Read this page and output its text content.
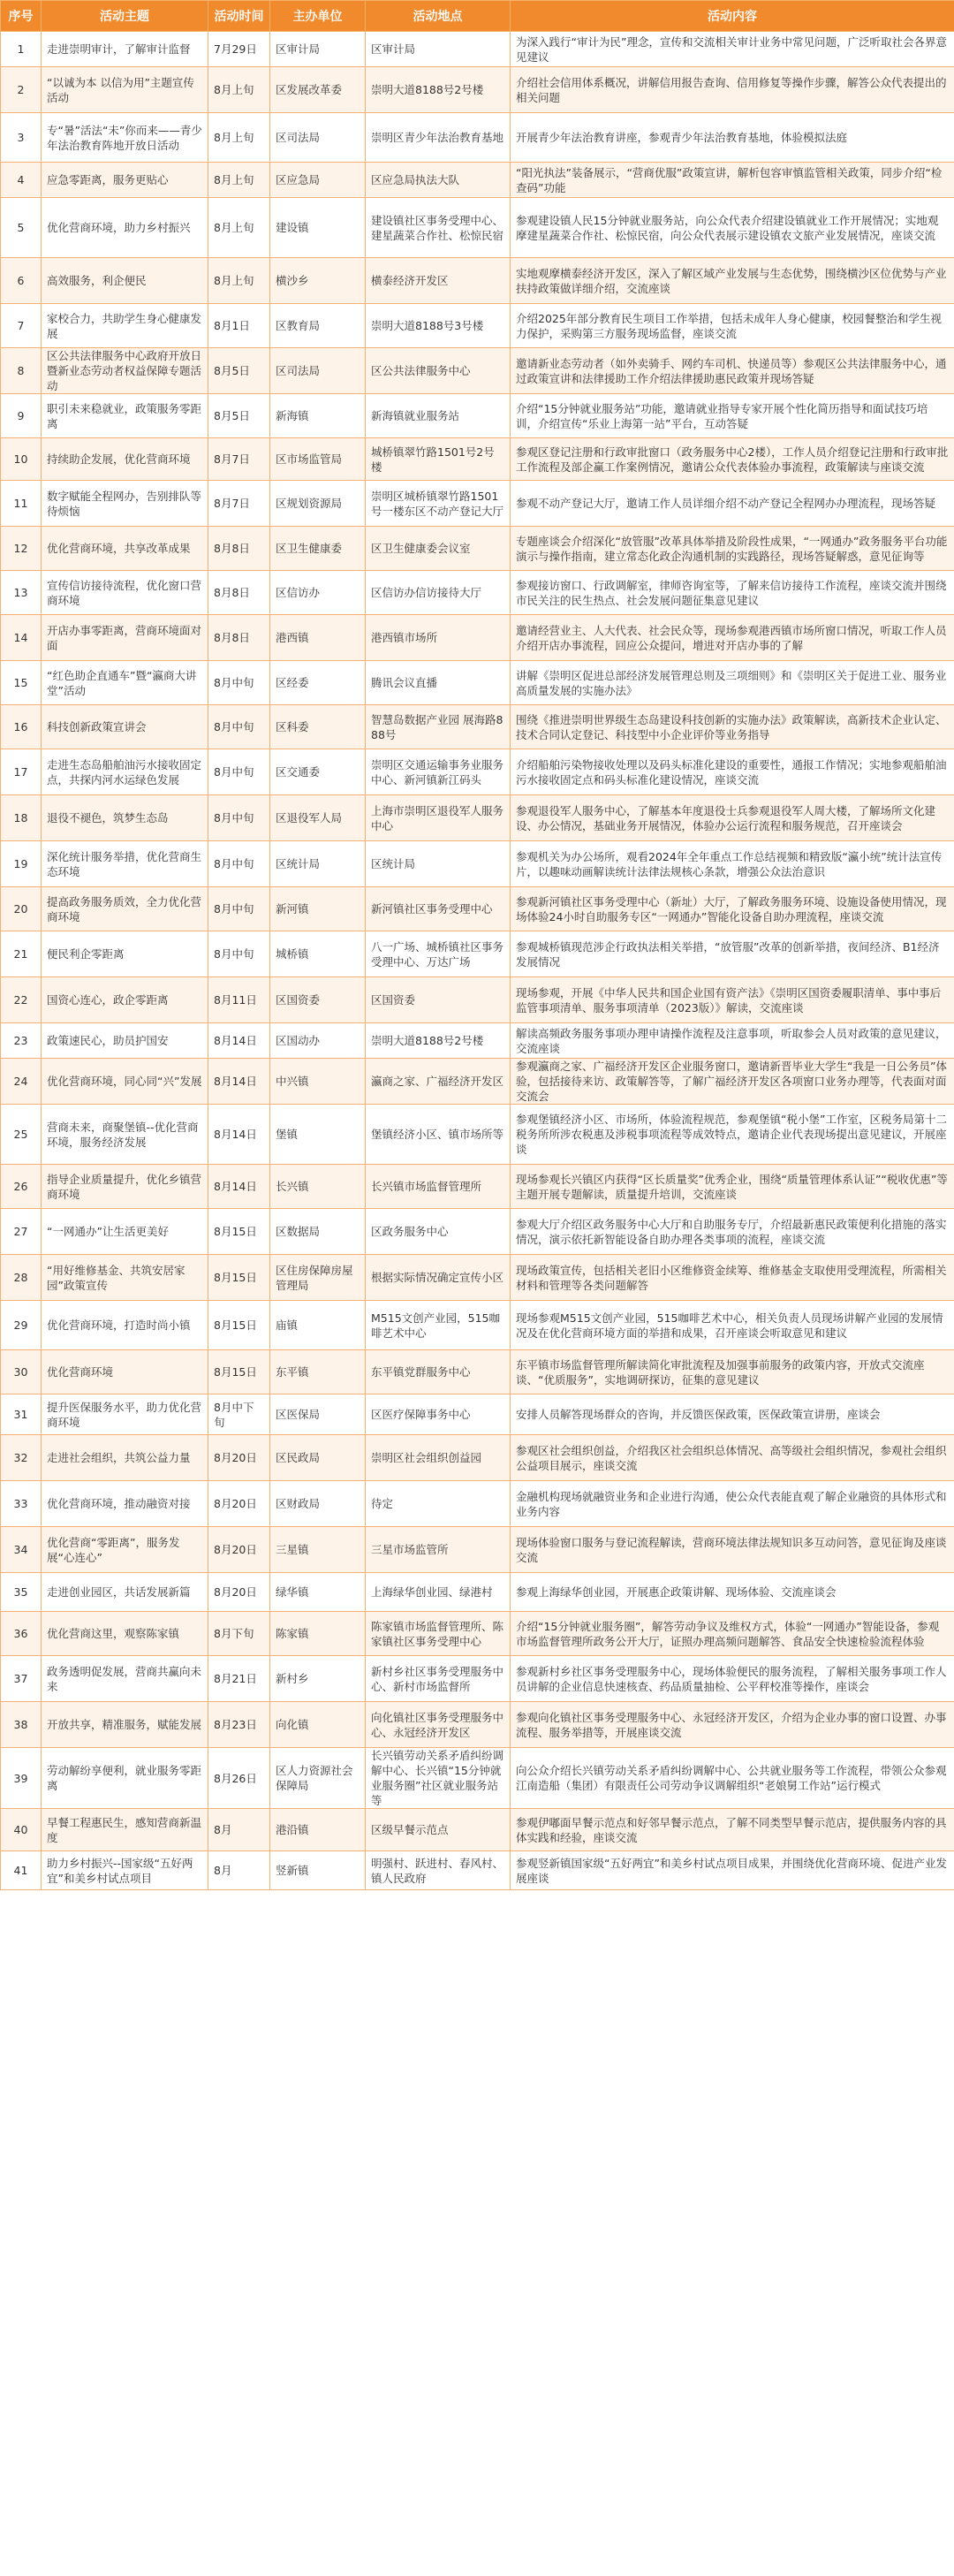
序号	活动主题	活动时间	主办单位	活动地点	活动内容
1	走进崇明审计，了解审计监督	7月29日	区审计局	区审计局	为深入践行“审计为民”理念，宣传和交流相关审计业务中常见问题，广泛听取社会各界意见建议
2	“以诚为本 以信为用”主题宣传活动	8月上旬	区发展改革委	崇明大道8188号2号楼	介绍社会信用体系概况，讲解信用报告查询、信用修复等操作步骤，解答公众代表提出的相关问题
3	专“暑”活法“未”你而来——青少年法治教育阵地开放日活动	8月上旬	区司法局	崇明区青少年法治教育基地	开展青少年法治教育讲座，参观青少年法治教育基地，体验模拟法庭
4	应急零距离，服务更贴心	8月上旬	区应急局	区应急局执法大队	“阳光执法”装备展示，“营商优服”政策宣讲，解析包容审慎监管相关政策，同步介绍“检查码”功能
5	优化营商环境，助力乡村振兴	8月上旬	建设镇	建设镇社区事务受理中心、建星蔬菜合作社、松惊民宿	参观建设镇人民15分钟就业服务站，向公众代表介绍建设镇就业工作开展情况；实地观摩建星蔬菜合作社、松惊民宿，向公众代表展示建设镇农文旅产业发展情况，座谈交流
6	高效服务，利企便民	8月上旬	横沙乡	横泰经济开发区	实地观摩横泰经济开发区，深入了解区域产业发展与生态优势，围绕横沙区位优势与产业扶持政策做详细介绍，交流座谈
7	家校合力，共助学生身心健康发展	8月1日	区教育局	崇明大道8188号3号楼	介绍2025年部分教育民生项目工作举措，包括未成年人身心健康，校园餐整治和学生视力保护，采购第三方服务现场监督，座谈交流
8	区公共法律服务中心政府开放日暨新业态劳动者权益保障专题活动	8月5日	区司法局	区公共法律服务中心	邀请新业态劳动者（如外卖骑手、网约车司机、快递员等）参观区公共法律服务中心，通过政策宣讲和法律援助工作介绍法律援助惠民政策并现场答疑
9	职引未来稳就业，政策服务零距离	8月5日	新海镇	新海镇就业服务站	介绍“15分钟就业服务站”功能，邀请就业指导专家开展个性化简历指导和面试技巧培训，介绍宣传“乐业上海第一站”平台，互动答疑
10	持续助企发展，优化营商环境	8月7日	区市场监管局	城桥镇翠竹路1501号2号楼	参观区登记注册和行政审批窗口（政务服务中心2楼），工作人员介绍登记注册和行政审批工作流程及部企赢工作案例情况，邀请公众代表体验办事流程，政策解读与座谈交流
11	数字赋能全程网办，告别排队等待烦恼	8月7日	区规划资源局	崇明区城桥镇翠竹路1501号一楼东区不动产登记大厅	参观不动产登记大厅，邀请工作人员详细介绍不动产登记全程网办办理流程，现场答疑
12	优化营商环境，共享改革成果	8月8日	区卫生健康委	区卫生健康委会议室	专题座谈会介绍深化“放管服”改革具体举措及阶段性成果，“一网通办”政务服务平台功能演示与操作指南，建立常态化政企沟通机制的实践路径，现场答疑解惑，意见征询等
13	宣传信访接待流程，优化窗口营商环境	8月8日	区信访办	区信访办信访接待大厅	参观接访窗口、行政调解室，律师咨询室等，了解来信访接待工作流程，座谈交流并围绕市民关注的民生热点、社会发展问题征集意见建议
14	开店办事零距离，营商环境面对面	8月8日	港西镇	港西镇市场所	邀请经营业主、人大代表、社会民众等，现场参观港西镇市场所窗口情况，听取工作人员介绍开店办事流程，回应公众提问，增进对开店办事的了解
15	“红色助企直通车”暨“瀛商大讲堂”活动	8月中旬	区经委	腾讯会议直播	讲解《崇明区促进总部经济发展管理总则及三项细则》和《崇明区关于促进工业、服务业高质量发展的实施办法》
16	科技创新政策宣讲会	8月中旬	区科委	智慧岛数据产业园 展海路888号	围绕《推进崇明世界级生态岛建设科技创新的实施办法》政策解读，高新技术企业认定、技术合同认定登记、科技型中小企业评价等业务指导
17	走进生态岛船舶油污水接收固定点，共探内河水运绿色发展	8月中旬	区交通委	崇明区交通运输事务业服务中心、新河镇新江码头	介绍船舶污染物接收处理以及码头标准化建设的重要性，通报工作情况；实地参观船舶油污水接收固定点和码头标准化建设情况，座谈交流
18	退役不褪色，筑梦生态岛	8月中旬	区退役军人局	上海市崇明区退役军人服务中心	参观退役军人服务中心，了解基本年度退役士兵参观退役军人周大楼，了解场所文化建设、办公情况，基础业务开展情况，体验办公运行流程和服务规范，召开座谈会
19	深化统计服务举措，优化营商生态环境	8月中旬	区统计局	区统计局	参观机关为办公场所，观看2024年全年重点工作总结视频和精致版“瀛小统”统计法宣传片，以趣味动画解读统计法律法规核心条款，增强公众法治意识
20	提高政务服务质效，全力优化营商环境	8月中旬	新河镇	新河镇社区事务受理中心	参观新河镇社区事务受理中心（新址）大厅，了解政务服务环境、设施设备使用情况，现场体验24小时自助服务专区“一网通办”智能化设备自助办理流程，座谈交流
21	便民利企零距离	8月中旬	城桥镇	八一广场、城桥镇社区事务受理中心、万达广场	参观城桥镇现范涉企行政执法相关举措，“放管服”改革的创新举措，夜间经济、B1经济发展情况
22	国资心连心，政企零距离	8月11日	区国资委	区国资委	现场参观，开展《中华人民共和国企业国有资产法》《崇明区国资委履职清单、事中事后监管事项清单、服务事项清单（2023版）》解读，交流座谈
23	政策速民心，助员护国安	8月14日	区国动办	崇明大道8188号2号楼	解读高频政务服务事项办理申请操作流程及注意事项，听取参会人员对政策的意见建议，交流座谈
24	优化营商环境，同心同“兴”发展	8月14日	中兴镇	瀛商之家、广福经济开发区	参观瀛商之家、广福经济开发区企业服务窗口，邀请新晋毕业大学生“我是一日公务员”体验，包括接待来访、政策解答等，了解广福经济开发区各项窗口业务办理等，代表面对面交流会
25	营商未来，商聚堡镇--优化营商环境，服务经济发展	8月14日	堡镇	堡镇经济小区、镇市场所等	参观堡镇经济小区、市场所，体验流程规范，参观堡镇“税小堡”工作室，区税务局第十二税务所所涉农税惠及涉税事项流程等成效特点，邀请企业代表现场提出意见建议，开展座谈
26	指导企业质量提升，优化乡镇营商环境	8月14日	长兴镇	长兴镇市场监督管理所	现场参观长兴镇区内获得“区长质量奖”优秀企业，围绕“质量管理体系认证”“税收优惠”等主题开展专题解读，质量提升培训，交流座谈
27	“一网通办”让生活更美好	8月15日	区数据局	区政务服务中心	参观大厅介绍区政务服务中心大厅和自助服务专厅，介绍最新惠民政策便利化措施的落实情况，演示依托新智能设备自助办理各类事项的流程，座谈交流
28	“用好维修基金、共筑安居家园”政策宣传	8月15日	区住房保障房屋管理局	根据实际情况确定宣传小区	现场政策宣传，包括相关老旧小区维修资金续筹、维修基金支取使用受理流程，所需相关材料和管理等各类问题解答
29	优化营商环境，打造时尚小镇	8月15日	庙镇	M515文创产业园，515咖啡艺术中心	现场参观M515文创产业园，515咖啡艺术中心，相关负责人员现场讲解产业园的发展情况及在优化营商环境方面的举措和成果，召开座谈会听取意见和建议
30	优化营商环境	8月15日	东平镇	东平镇党群服务中心	东平镇市场监督管理所解读简化审批流程及加强事前服务的政策内容，开放式交流座谈、“优质服务”，实地调研探访，征集的意见建议
31	提升医保服务水平，助力优化营商环境	8月中下旬	区医保局	区医疗保障事务中心	安排人员解答现场群众的咨询，并反馈医保政策，医保政策宣讲册，座谈会
32	走进社会组织，共筑公益力量	8月20日	区民政局	崇明区社会组织创益园	参观区社会组织创益，介绍我区社会组织总体情况、高等级社会组织情况，参观社会组织公益项目展示，座谈交流
33	优化营商环境，推动融资对接	8月20日	区财政局	待定	金融机构现场就融资业务和企业进行沟通，使公众代表能直观了解企业融资的具体形式和业务内容
34	优化营商“零距离”，服务发展“心连心”	8月20日	三星镇	三星市场监管所	现场体验窗口服务与登记流程解读，营商环境法律法规知识多互动问答，意见征询及座谈交流
35	走进创业园区，共话发展新篇	8月20日	绿华镇	上海绿华创业园、绿港村	参观上海绿华创业园，开展惠企政策讲解、现场体验、交流座谈会
36	优化营商这里，观察陈家镇	8月下旬	陈家镇	陈家镇市场监督管理所、陈家镇社区事务受理中心	介绍“15分钟就业服务圈”，解答劳动争议及维权方式，体验“一网通办”智能设备，参观市场监督管理所政务公开大厅，证照办理高频问题解答、食品安全快速检验流程体验
37	政务透明促发展，营商共赢向未来	8月21日	新村乡	新村乡社区事务受理服务中心、新村市场监督所	参观新村乡社区事务受理服务中心，现场体验便民的服务流程，了解相关服务事项工作人员讲解的企业信息快速核查、药品质量抽检、公平秤校准等操作，座谈会
38	开放共享，精准服务，赋能发展	8月23日	向化镇	向化镇社区事务受理服务中心、永冠经济开发区	参观向化镇社区事务受理服务中心、永冠经济开发区，介绍为企业办事的窗口设置、办事流程、服务举措等，开展座谈交流
39	劳动解纷享便利，就业服务零距离	8月26日	区人力资源社会保障局	长兴镇劳动关系矛盾纠纷调解中心、长兴镇“15分钟就业服务圈”社区就业服务站等	向公众介绍长兴镇劳动关系矛盾纠纷调解中心、公共就业服务等工作流程，带领公众参观江南造船（集团）有限责任公司劳动争议调解组织“老娘舅工作站”运行模式
40	早餐工程惠民生，感知营商新温度	8月	港沿镇	区级早餐示范点	参观伊嘟面早餐示范点和好邻早餐示范点，了解不同类型早餐示范店，提供服务内容的具体实践和经验，座谈交流
41	助力乡村振兴--国家级“五好两宜”和美乡村试点项目	8月	竖新镇	明强村、跃进村、春风村、镇人民政府	参观竖新镇国家级“五好两宜”和美乡村试点项目成果，并围绕优化营商环境、促进产业发展座谈
